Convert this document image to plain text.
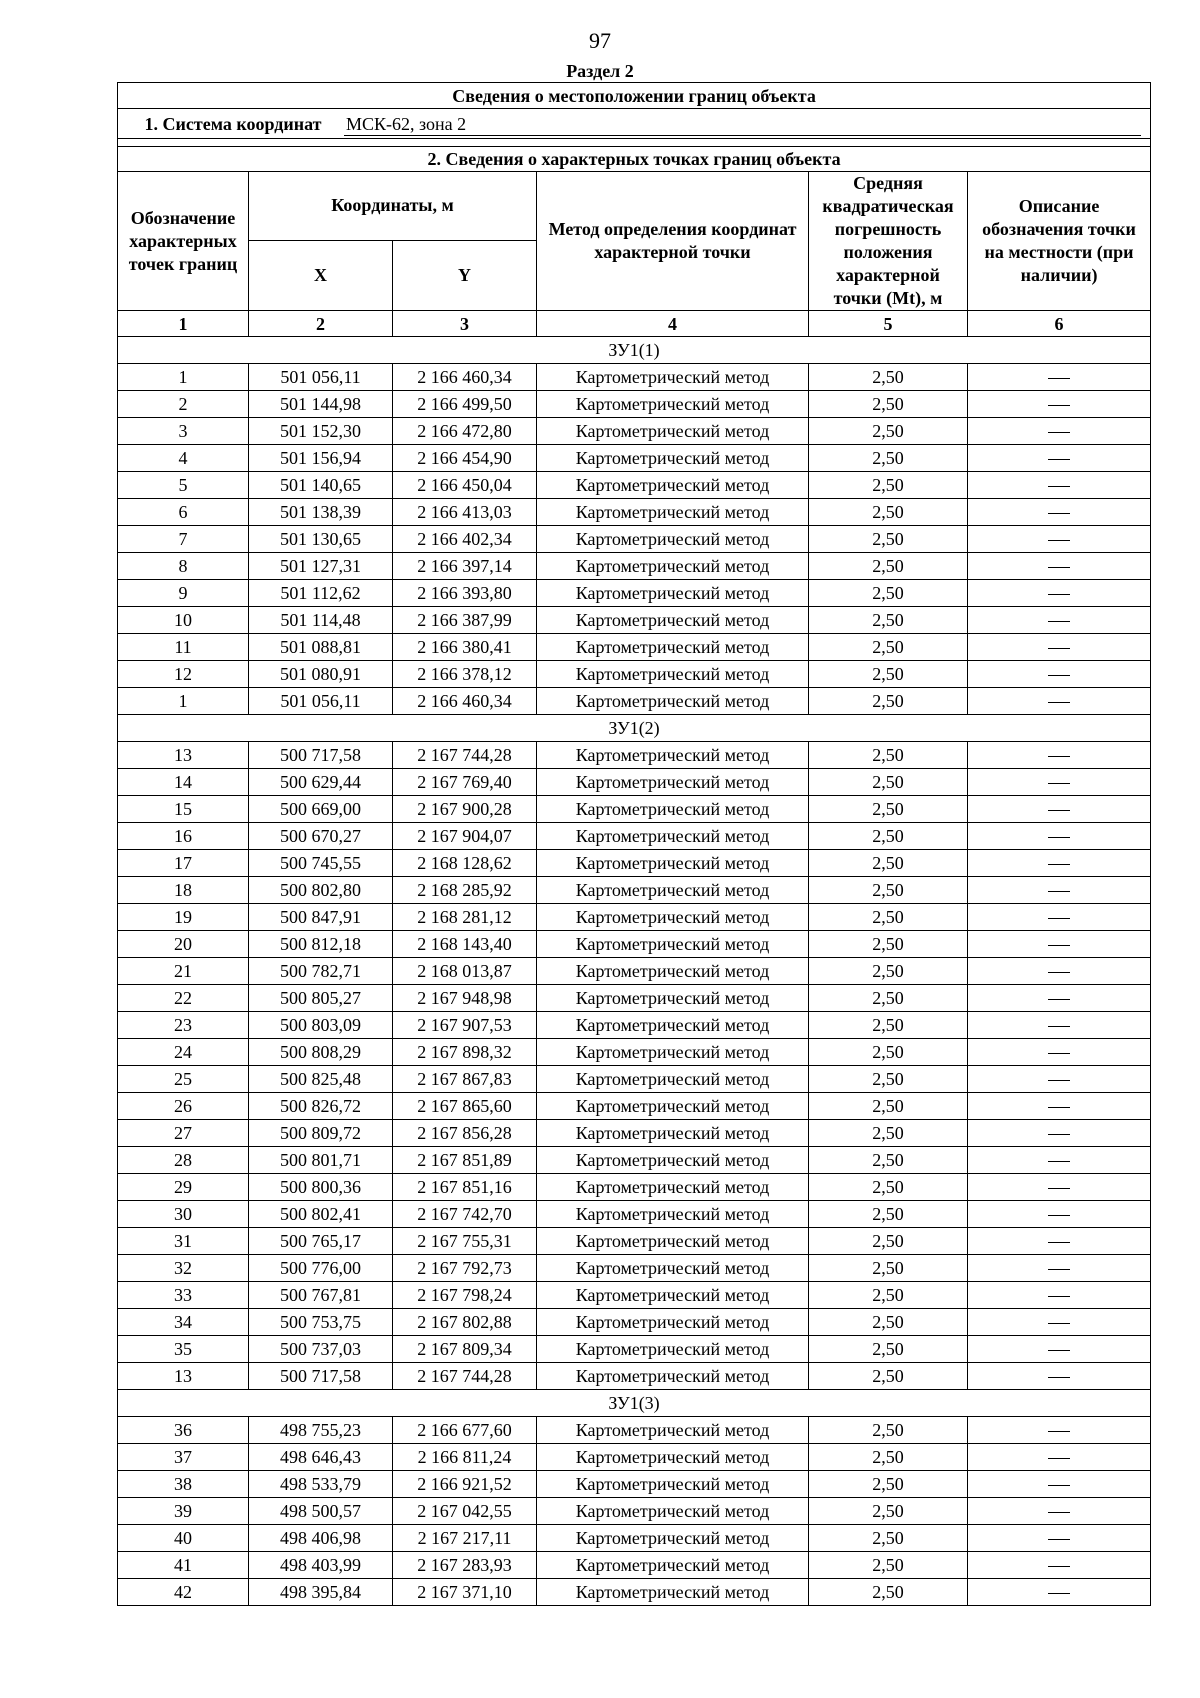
97
Раздел 2
Сведения о местоположении границ объекта					

1. Система координат МСК-62, зона 2					

2. Сведения о характерных точках границ объекта					
Обозначение характерных точек границ	Координаты, м		Метод определения координат характерной точки	Средняя квадратическая погрешность положения характерной точки (Mt), м	Описание обозначения точки на местности (при наличии)
	X	Y			
1	2	3	4	5	6
ЗУ1(1)					
1	501 056,11	2 166 460,34	Картометрический метод	2,50	
2	501 144,98	2 166 499,50	Картометрический метод	2,50	
3	501 152,30	2 166 472,80	Картометрический метод	2,50	
4	501 156,94	2 166 454,90	Картометрический метод	2,50	
5	501 140,65	2 166 450,04	Картометрический метод	2,50	
6	501 138,39	2 166 413,03	Картометрический метод	2,50	
7	501 130,65	2 166 402,34	Картометрический метод	2,50	
8	501 127,31	2 166 397,14	Картометрический метод	2,50	
9	501 112,62	2 166 393,80	Картометрический метод	2,50	
10	501 114,48	2 166 387,99	Картометрический метод	2,50	
11	501 088,81	2 166 380,41	Картометрический метод	2,50	
12	501 080,91	2 166 378,12	Картометрический метод	2,50	
1	501 056,11	2 166 460,34	Картометрический метод	2,50	
ЗУ1(2)					
13	500 717,58	2 167 744,28	Картометрический метод	2,50	
14	500 629,44	2 167 769,40	Картометрический метод	2,50	
15	500 669,00	2 167 900,28	Картометрический метод	2,50	
16	500 670,27	2 167 904,07	Картометрический метод	2,50	
17	500 745,55	2 168 128,62	Картометрический метод	2,50	
18	500 802,80	2 168 285,92	Картометрический метод	2,50	
19	500 847,91	2 168 281,12	Картометрический метод	2,50	
20	500 812,18	2 168 143,40	Картометрический метод	2,50	
21	500 782,71	2 168 013,87	Картометрический метод	2,50	
22	500 805,27	2 167 948,98	Картометрический метод	2,50	
23	500 803,09	2 167 907,53	Картометрический метод	2,50	
24	500 808,29	2 167 898,32	Картометрический метод	2,50	
25	500 825,48	2 167 867,83	Картометрический метод	2,50	
26	500 826,72	2 167 865,60	Картометрический метод	2,50	
27	500 809,72	2 167 856,28	Картометрический метод	2,50	
28	500 801,71	2 167 851,89	Картометрический метод	2,50	
29	500 800,36	2 167 851,16	Картометрический метод	2,50	
30	500 802,41	2 167 742,70	Картометрический метод	2,50	
31	500 765,17	2 167 755,31	Картометрический метод	2,50	
32	500 776,00	2 167 792,73	Картометрический метод	2,50	
33	500 767,81	2 167 798,24	Картометрический метод	2,50	
34	500 753,75	2 167 802,88	Картометрический метод	2,50	
35	500 737,03	2 167 809,34	Картометрический метод	2,50	
13	500 717,58	2 167 744,28	Картометрический метод	2,50	
ЗУ1(3)					
36	498 755,23	2 166 677,60	Картометрический метод	2,50	
37	498 646,43	2 166 811,24	Картометрический метод	2,50	
38	498 533,79	2 166 921,52	Картометрический метод	2,50	
39	498 500,57	2 167 042,55	Картометрический метод	2,50	
40	498 406,98	2 167 217,11	Картометрический метод	2,50	
41	498 403,99	2 167 283,93	Картометрический метод	2,50	
42	498 395,84	2 167 371,10	Картометрический метод	2,50	
